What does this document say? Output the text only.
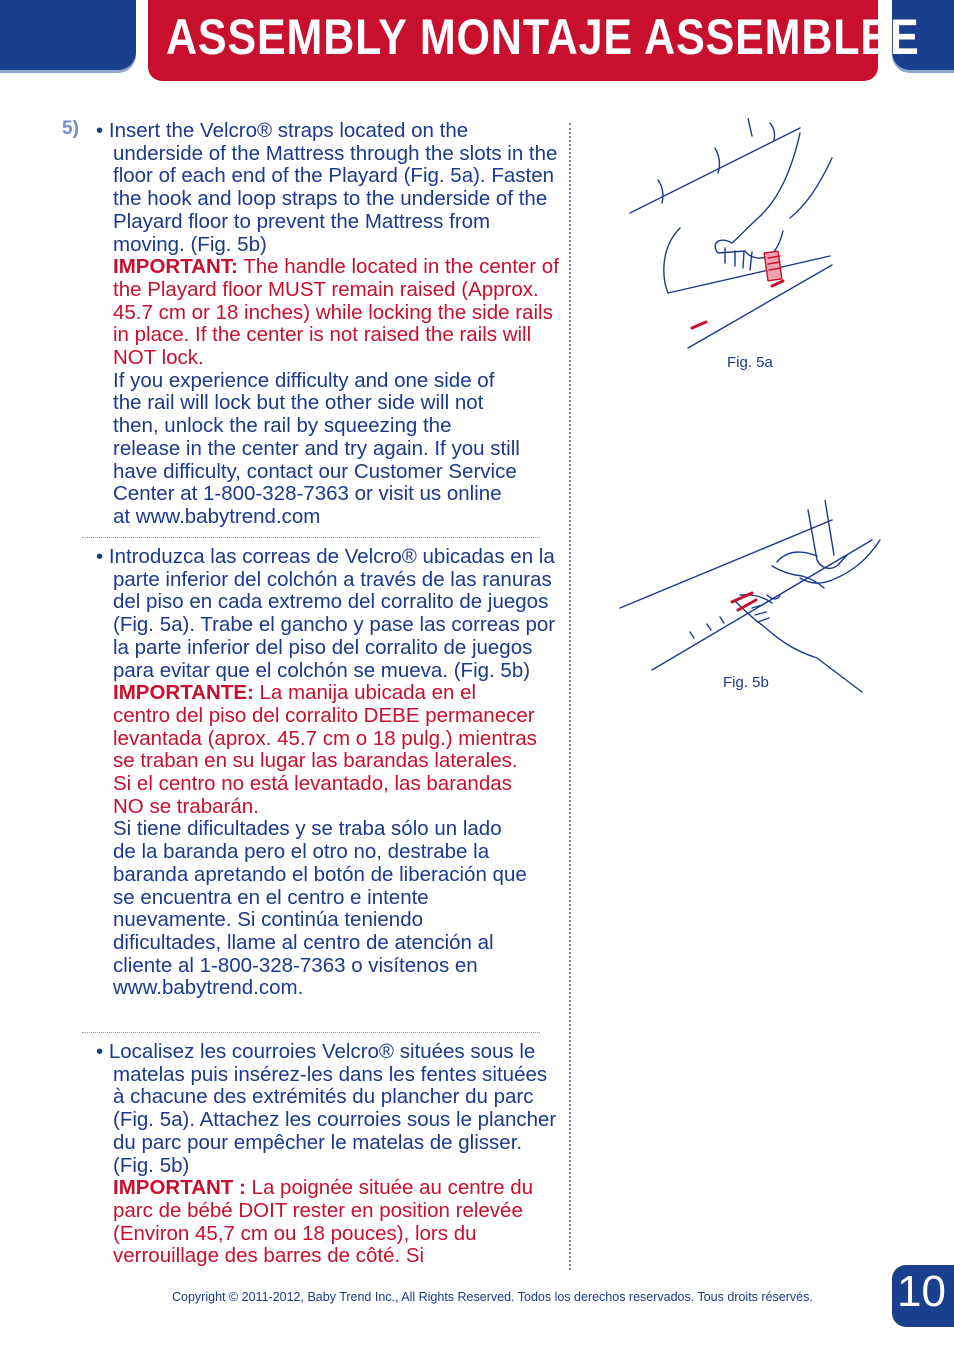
ASSEMBLY MONTAJE ASSEMBLEE
5) • Insert the Velcro® straps located on the underside of the Mattress through the slots in the floor of each end of the Playard (Fig. 5a). Fasten the hook and loop straps to the underside of the Playard floor to prevent the Mattress from moving. (Fig. 5b)

IMPORTANT: The handle located in the center of the Playard floor MUST remain raised (Approx. 45.7 cm or 18 inches) while locking the side rails in place. If the center is not raised the rails will NOT lock.

If you experience difficulty and one side of the rail will lock but the other side will not then, unlock the rail by squeezing the release in the center and try again. If you still have difficulty, contact our Customer Service Center at 1-800-328-7363 or visit us online at www.babytrend.com

• Introduzca las correas de Velcro® ubicadas en la parte inferior del colchón a través de las ranuras del piso en cada extremo del corralito de juegos (Fig. 5a). Trabe el gancho y pase las correas por la parte inferior del piso del corralito de juegos para evitar que el colchón se mueva. (Fig. 5b)

IMPORTANTE: La manija ubicada en el centro del piso del corralito DEBE permanecer levantada (aprox. 45.7 cm o 18 pulg.) mientras se traban en su lugar las barandas laterales. Si el centro no está levantado, las barandas NO se trabarán.

Si tiene dificultades y se traba sólo un lado de la baranda pero el otro no, destrabe la baranda apretando el botón de liberación que se encuentra en el centro e intente nuevamente. Si continúa teniendo dificultades, llame al centro de atención al cliente al 1-800-328-7363 o visítenos en www.babytrend.com.

• Localisez les courroies Velcro® situées sous le matelas puis insérez-les dans les fentes situées à chacune des extrémités du plancher du parc (Fig. 5a). Attachez les courroies sous le plancher du parc pour empêcher le matelas de glisser. (Fig. 5b)

IMPORTANT : La poignée située au centre du parc de bébé DOIT rester en position relevée (Environ 45,7 cm ou 18 pouces), lors du verrouillage des barres de côté. Si

Fig. 5a
Fig. 5b
Copyright © 2011-2012, Baby Trend Inc., All Rights Reserved. Todos los derechos reservados. Tous droits réservés. 10
